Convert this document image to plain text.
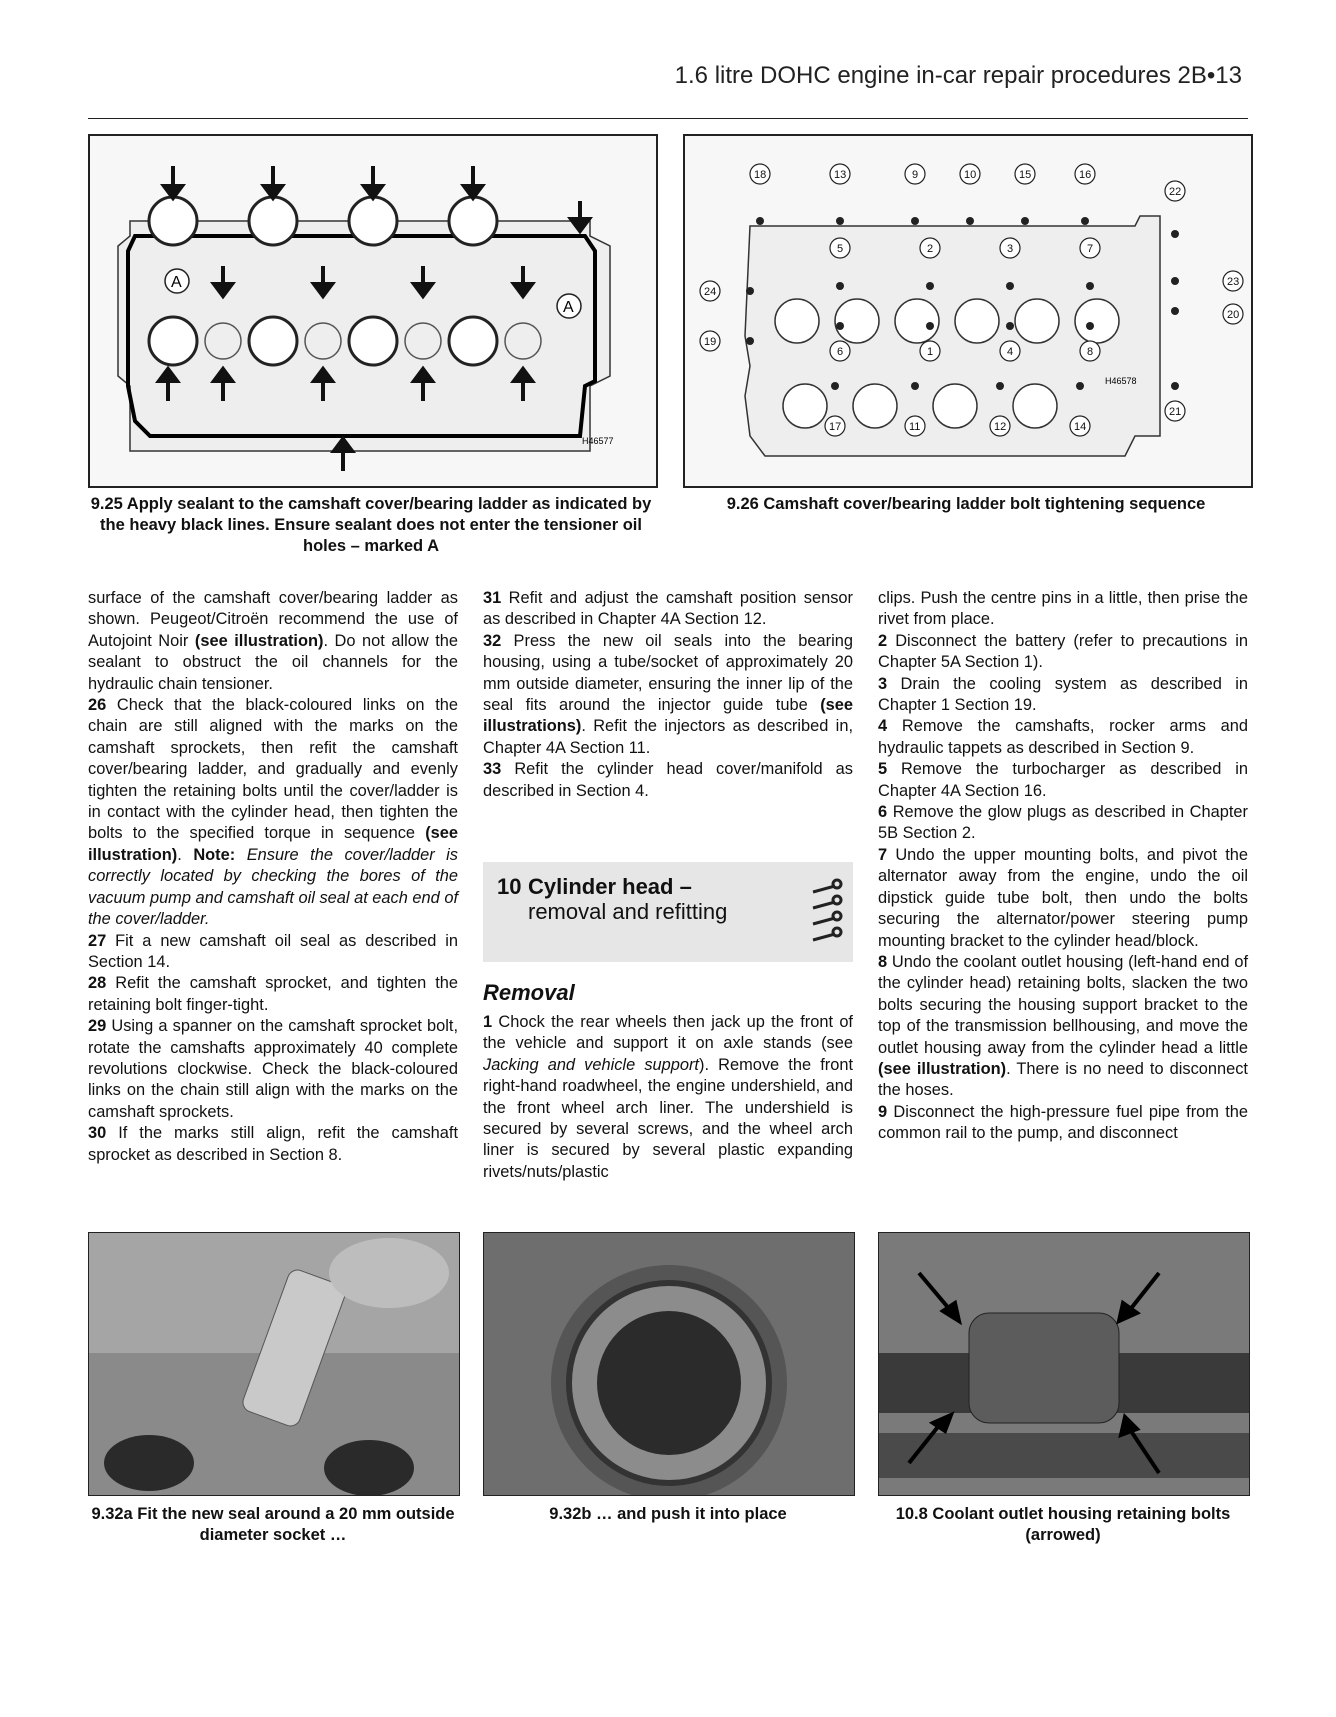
1.6 litre DOHC engine in-car repair procedures 2B•13
A
A
H46577
9.25 Apply sealant to the camshaft cover/bearing ladder as indicated by the heavy black lines. Ensure sealant does not enter the tensioner oil holes – marked A
18	13	9	10	15	16
22
5	2	3	7
24
23
20
19
6	1	4	8
17	11	12	14
21
H46578
9.26 Camshaft cover/bearing ladder bolt tightening sequence

surface of the camshaft cover/bearing ladder as shown. Peugeot/Citroën recommend the use of Autojoint Noir (see illustration). Do not allow the sealant to obstruct the oil channels for the hydraulic chain tensioner.

26 Check that the black-coloured links on the chain are still aligned with the marks on the camshaft sprockets, then refit the camshaft cover/bearing ladder, and gradually and evenly tighten the retaining bolts until the cover/ladder is in contact with the cylinder head, then tighten the bolts to the specified torque in sequence (see illustration). Note: Ensure the cover/ladder is correctly located by checking the bores of the vacuum pump and camshaft oil seal at each end of the cover/ladder.

27 Fit a new camshaft oil seal as described in Section 14.

28 Refit the camshaft sprocket, and tighten the retaining bolt finger-tight.

29 Using a spanner on the camshaft sprocket bolt, rotate the camshafts approximately 40 complete revolutions clockwise. Check the black-coloured links on the chain still align with the marks on the camshaft sprockets.

30 If the marks still align, refit the camshaft sprocket as described in Section 8.

31 Refit and adjust the camshaft position sensor as described in Chapter 4A Section 12.

32 Press the new oil seals into the bearing housing, using a tube/socket of approximately 20 mm outside diameter, ensuring the inner lip of the seal fits around the injector guide tube (see illustrations). Refit the injectors as described in, Chapter 4A Section 11.

33 Refit the cylinder head cover/manifold as described in Section 4.

10 Cylinder head –
removal and refitting
Removal

1 Chock the rear wheels then jack up the front of the vehicle and support it on axle stands (see Jacking and vehicle support). Remove the front right-hand roadwheel, the engine undershield, and the front wheel arch liner. The undershield is secured by several screws, and the wheel arch liner is secured by several plastic expanding rivets/nuts/plastic

clips. Push the centre pins in a little, then prise the rivet from place.

2 Disconnect the battery (refer to precautions in Chapter 5A Section 1).

3 Drain the cooling system as described in Chapter 1 Section 19.

4 Remove the camshafts, rocker arms and hydraulic tappets as described in Section 9.

5 Remove the turbocharger as described in Chapter 4A Section 16.

6 Remove the glow plugs as described in Chapter 5B Section 2.

7 Undo the upper mounting bolts, and pivot the alternator away from the engine, undo the oil dipstick guide tube bolt, then undo the bolts securing the alternator/power steering pump mounting bracket to the cylinder head/block.

8 Undo the coolant outlet housing (left-hand end of the cylinder head) retaining bolts, slacken the two bolts securing the housing support bracket to the top of the transmission bellhousing, and move the outlet housing away from the cylinder head a little (see illustration). There is no need to disconnect the hoses.

9 Disconnect the high-pressure fuel pipe from the common rail to the pump, and disconnect

9.32a Fit the new seal around a 20 mm outside diameter socket …
9.32b … and push it into place	10.8 Coolant outlet housing retaining bolts (arrowed)
